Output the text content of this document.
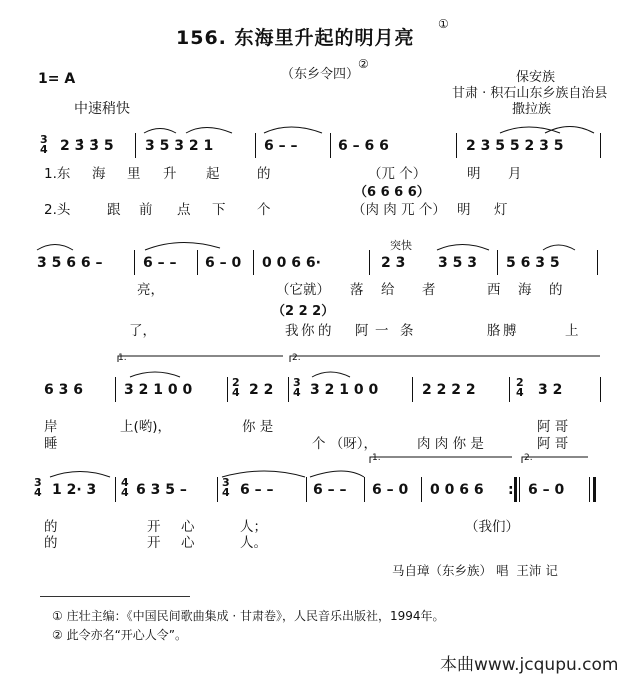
156. 东海里升起的明月亮
①
（东乡令四）
②
1= A
中速稍快
保安族
甘肃 · 积石山东乡族自治县
撒拉族
3
4 2 3̇ 3̇ 5 3 5 3 2 1	6 – –	6 – 6 6	2 3 5 5 2 3 5
1.东 海 里 升 起	的	（兀 个）	明 月
（6 6 6 6）
2.头	跟 前 点 下 个	（肉 肉 兀 个） 明 灯
突快
3 5 6 6 –	6 – – 6 – 0 0 0 6 6·	2 3 3 5 3 5 6 3 5
亮，	（它就） 落 给 者	西 海 的
（2 2 2）
了，	我 你 的 阿 一 条	胳 膊	上
1.	2.
6 3 6	3 2 1 0 0	2
4 2 2 3
4 3 2 1 0 0	2 2 2 2	2
4 3 2
岸	上(哟)，	你 是	阿 哥
睡	个 （呀），	肉 肉 你 是	阿 哥
1.	2.
3
4 1 2· 3 4
4 6 3 5 –	3
4 6 – –	6 – – 6 – 0 0 0 6 6 : 6 – 0
的	开 心	人；	（我们）
的	开 心	人。
马自璋（东乡族） 唱  王沛 记
① 庄壮主编：《中国民间歌曲集成 · 甘肃卷》，人民音乐出版社，1994年。
② 此令亦名“开心人令”。
本曲www.jcqupu.com
